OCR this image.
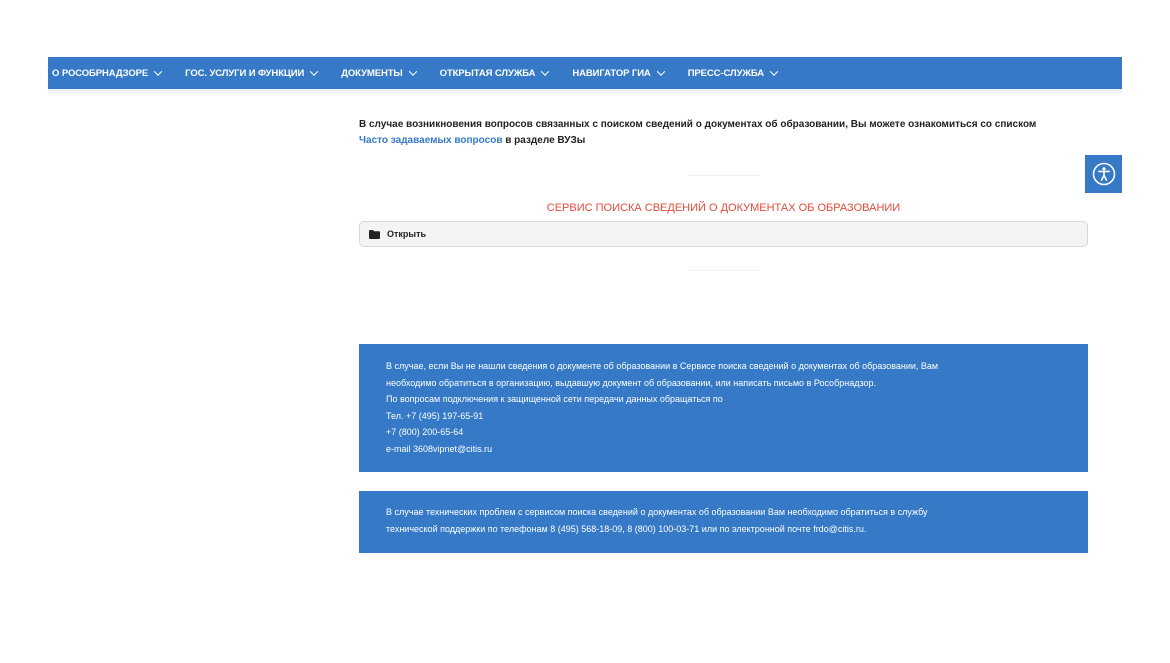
О РОСОБРНАДЗОРЕ	ГОС. УСЛУГИ И ФУНКЦИИ	ДОКУМЕНТЫ	ОТКРЫТАЯ СЛУЖБА	НАВИГАТОР ГИА	ПРЕСС-СЛУЖБА
В случае возникновения вопросов связанных с поиском сведений о документах об образовании, Вы можете ознакомиться со списком
Часто задаваемых вопросов в разделе ВУЗы
СЕРВИС ПОИСКА СВЕДЕНИЙ О ДОКУМЕНТАХ ОБ ОБРАЗОВАНИИ
Открыть
В случае, если Вы не нашли сведения о документе об образовании в Сервисе поиска сведений о документах об образовании, Вам
необходимо обратиться в организацию, выдавшую документ об образовании, или написать письмо в Рособрнадзор.
По вопросам подключения к защищенной сети передачи данных обращаться по
Тел. +7 (495) 197-65-91
+7 (800) 200-65-64
e-mail 3608vipnet@citis.ru
В случае технических проблем с сервисом поиска сведений о документах об образовании Вам необходимо обратиться в службу
технической поддержки по телефонам 8 (495) 568-18-09, 8 (800) 100-03-71 или по электронной почте frdo@citis.ru.
